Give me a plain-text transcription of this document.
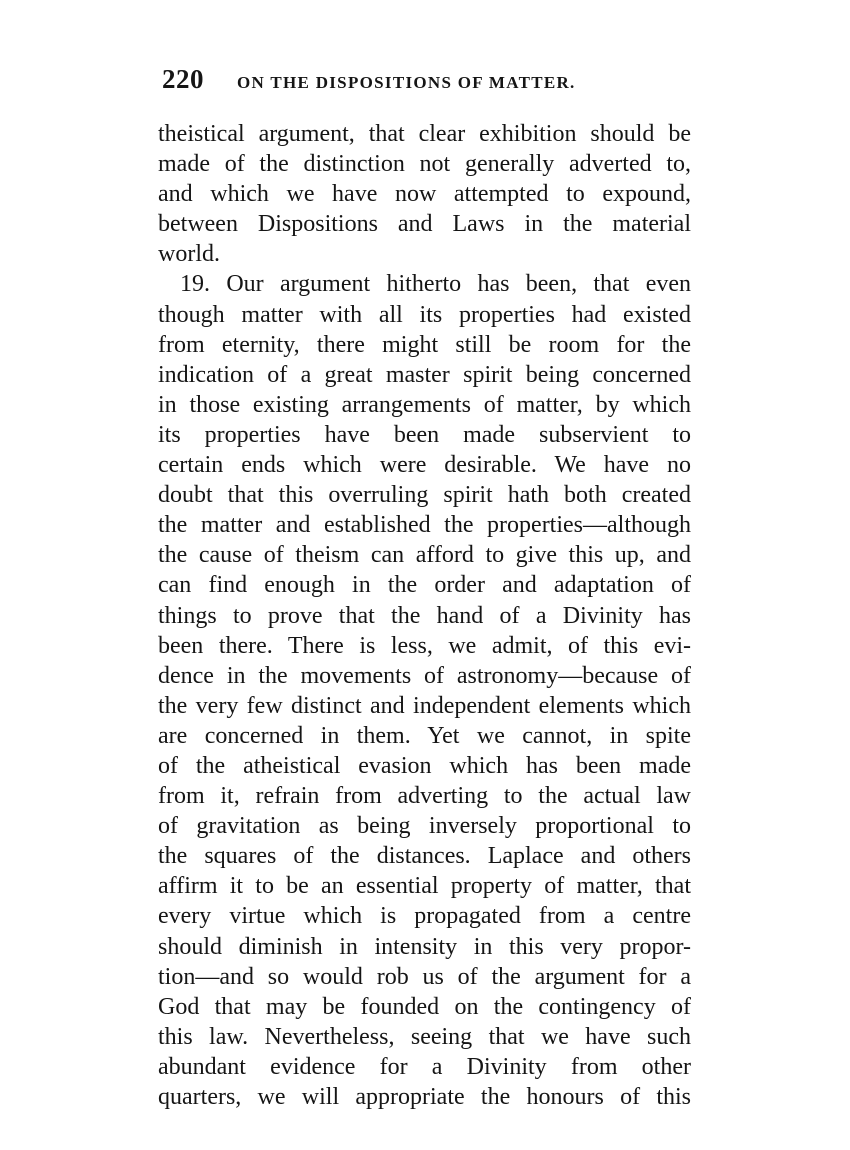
220 ON THE DISPOSITIONS OF MATTER.
theistical argument, that clear exhibition should be
made of the distinction not generally adverted to,
and which we have now attempted to expound,
between Dispositions and Laws in the material
world.
19. Our argument hitherto has been, that even
though matter with all its properties had existed
from eternity, there might still be room for the
indication of a great master spirit being concerned
in those existing arrangements of matter, by which
its properties have been made subservient to
certain ends which were desirable. We have no
doubt that this overruling spirit hath both created
the matter and established the properties—although
the cause of theism can afford to give this up, and
can find enough in the order and adaptation of
things to prove that the hand of a Divinity has
been there. There is less, we admit, of this evi-
dence in the movements of astronomy—because of
the very few distinct and independent elements which
are concerned in them. Yet we cannot, in spite
of the atheistical evasion which has been made
from it, refrain from adverting to the actual law
of gravitation as being inversely proportional to
the squares of the distances. Laplace and others
affirm it to be an essential property of matter, that
every virtue which is propagated from a centre
should diminish in intensity in this very propor-
tion—and so would rob us of the argument for a
God that may be founded on the contingency of
this law. Nevertheless, seeing that we have such
abundant evidence for a Divinity from other
quarters, we will appropriate the honours of this
